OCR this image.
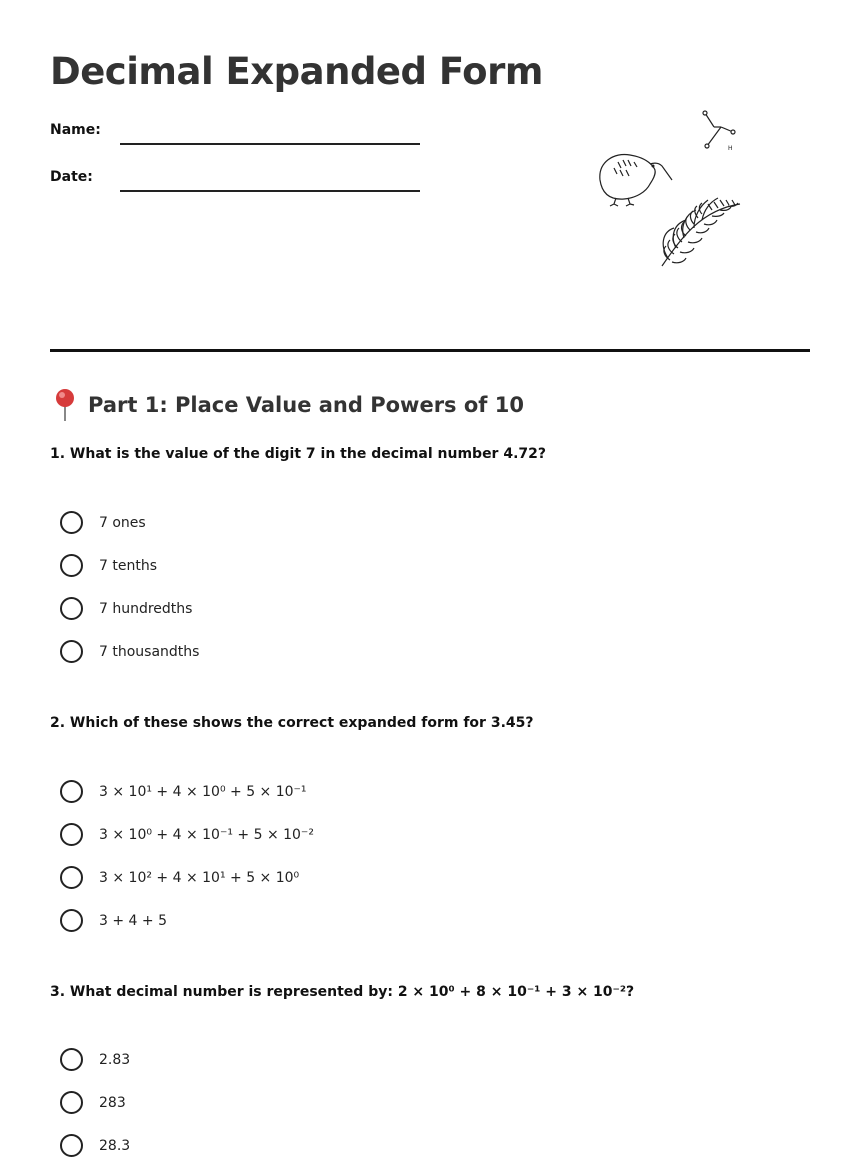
Decimal Expanded Form
Name:
Date:
H
Part 1: Place Value and Powers of 10
1. What is the value of the digit 7 in the decimal number 4.72?
7 ones
7 tenths
7 hundredths
7 thousandths
2. Which of these shows the correct expanded form for 3.45?
3 × 10¹ + 4 × 10⁰ + 5 × 10⁻¹
3 × 10⁰ + 4 × 10⁻¹ + 5 × 10⁻²
3 × 10² + 4 × 10¹ + 5 × 10⁰
3 + 4 + 5
3. What decimal number is represented by: 2 × 10⁰ + 8 × 10⁻¹ + 3 × 10⁻²?
2.83
283
28.3
